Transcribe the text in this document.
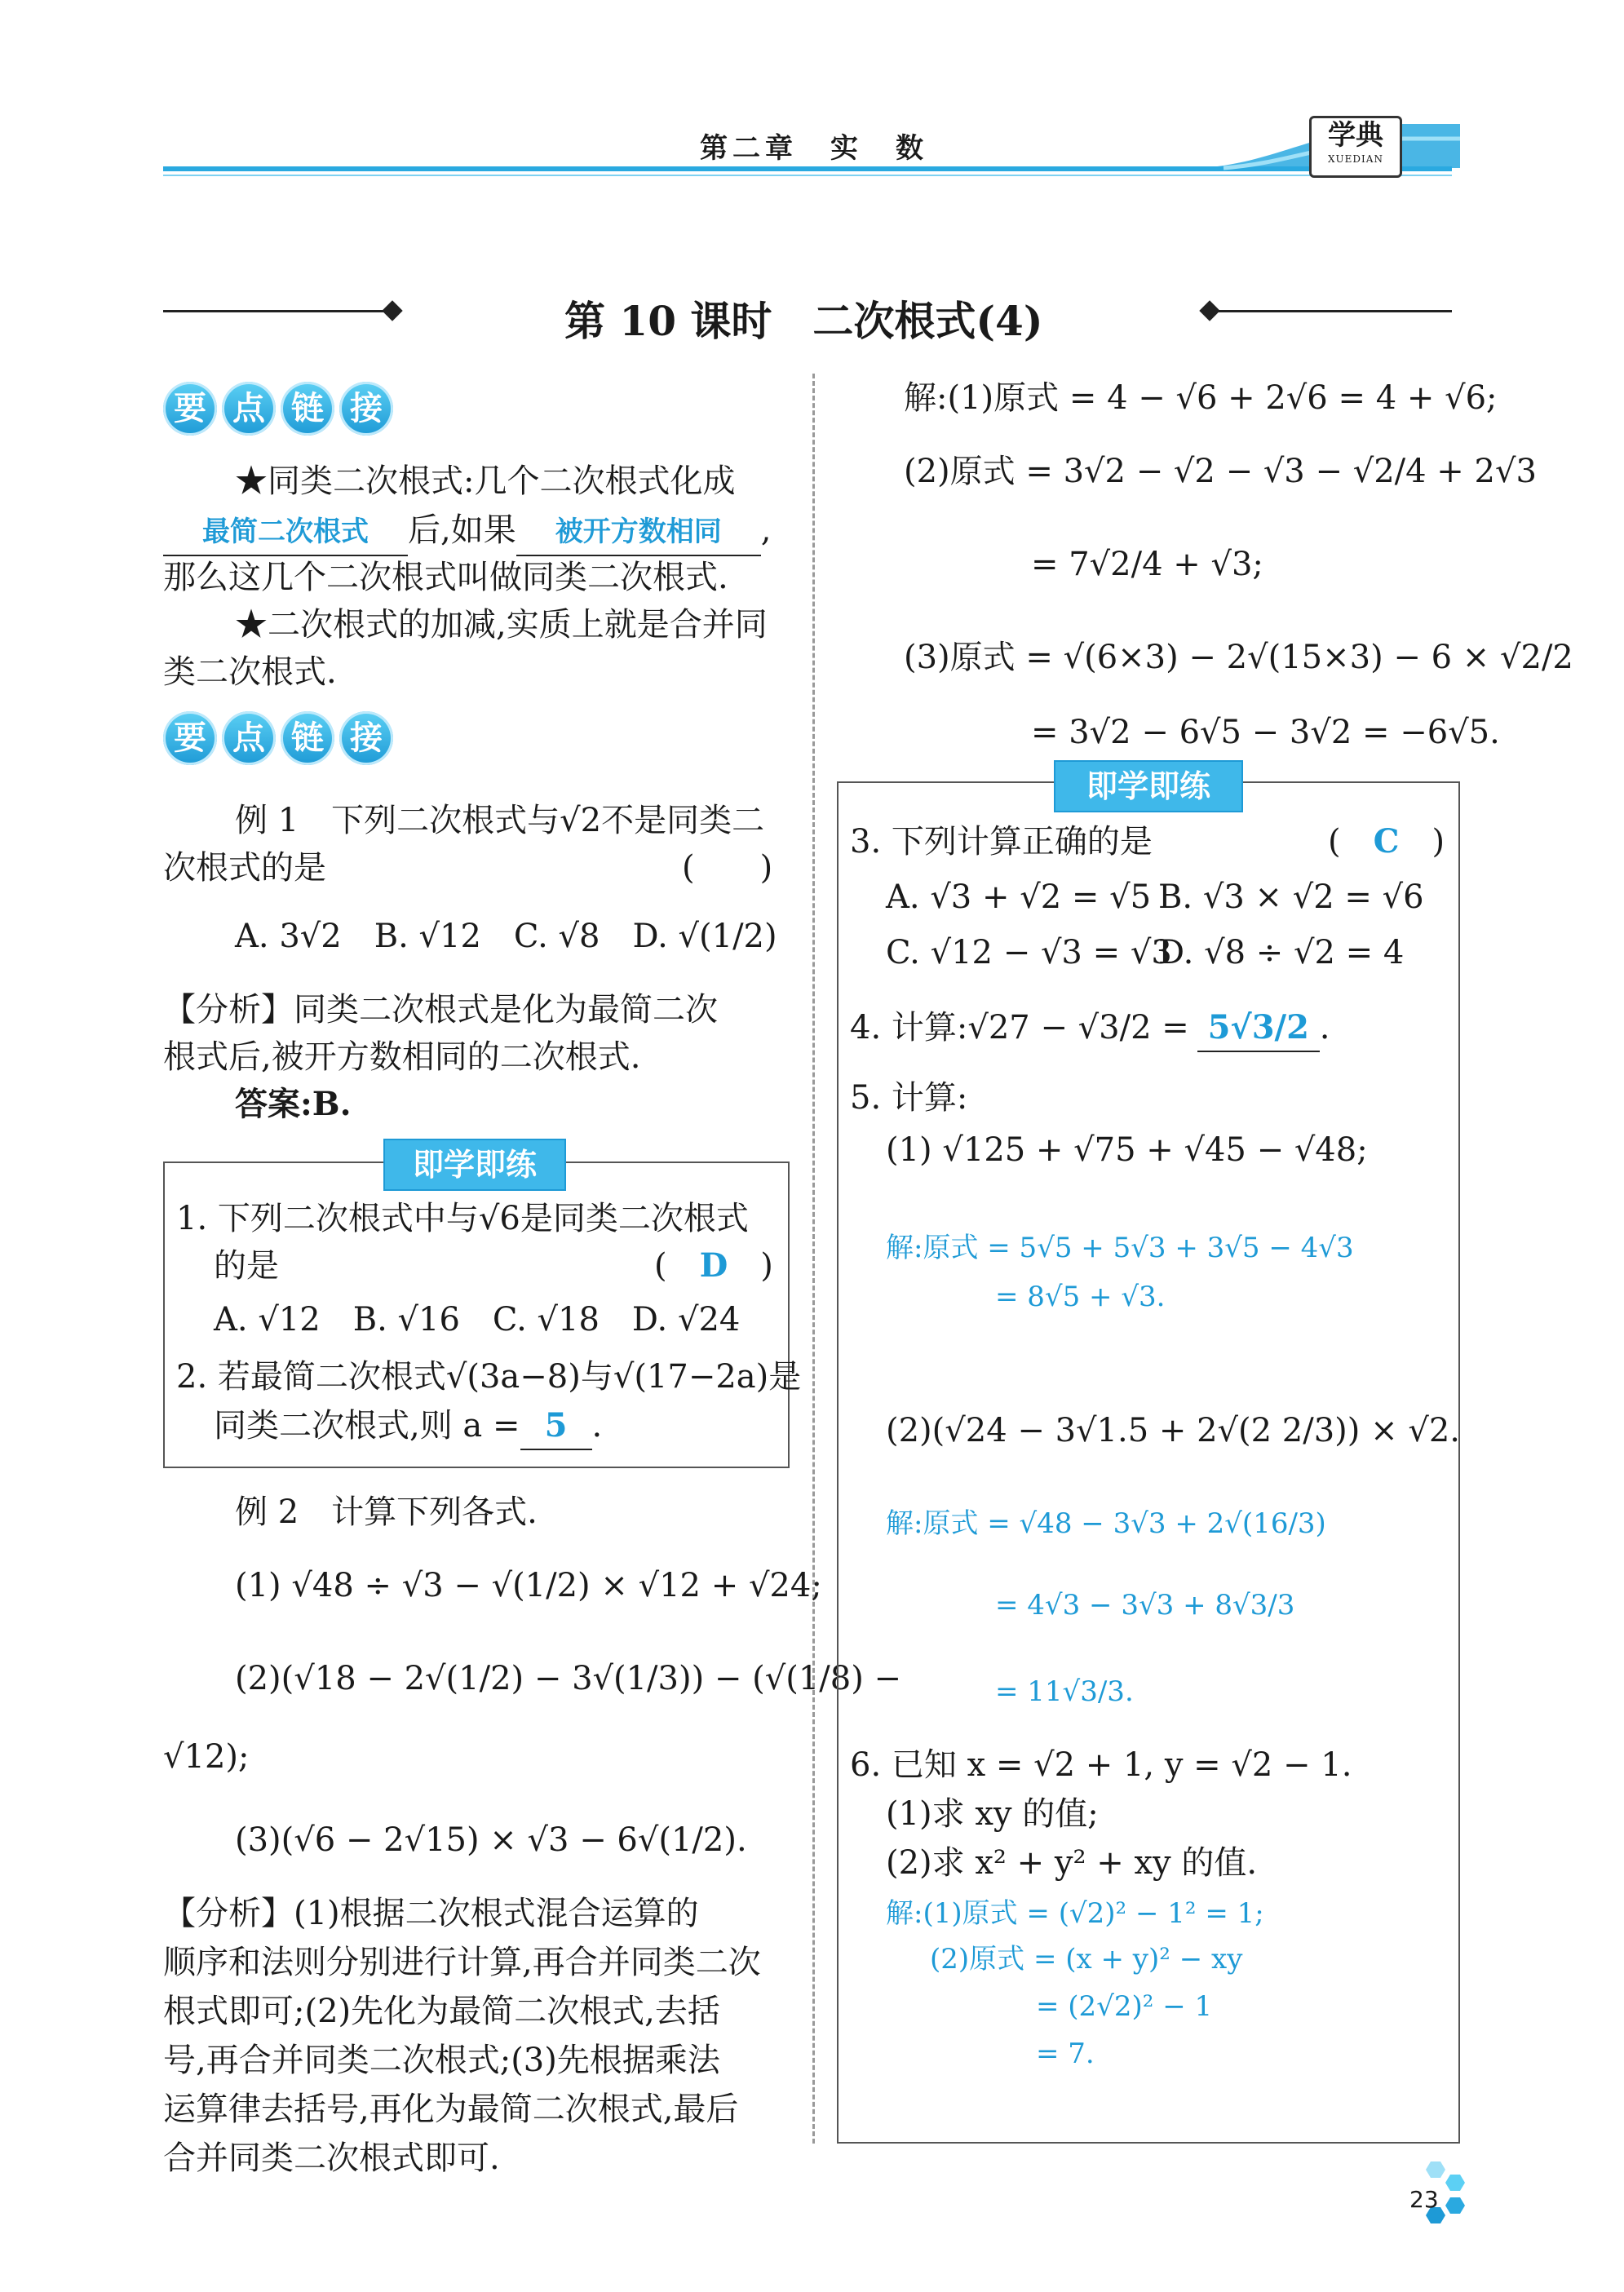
第二章　实　数	学典
XUEDIAN
第 10 课时　二次根式(4)
要 点 链 接
★同类二次根式:几个二次根式化成
最简二次根式 后,如果 被开方数相同 ,
那么这几个二次根式叫做同类二次根式.
★二次根式的加减,实质上就是合并同
类二次根式.
要 点 链 接
例 1　下列二次根式与√2不是同类二
次根式的是	(　　)
A. 3√2　B. √12　C. √8　D. √(1/2)
【分析】同类二次根式是化为最简二次
根式后,被开方数相同的二次根式.
答案:B.
即学即练
1. 下列二次根式中与√6是同类二次根式
的是	(　D　)
A. √12　B. √16　C. √18　D. √24
2. 若最简二次根式√(3a−8)与√(17−2a)是
同类二次根式,则 a = 5 .
例 2　计算下列各式.
(1) √48 ÷ √3 − √(1/2) × √12 + √24;
(2)(√18 − 2√(1/2) − 3√(1/3)) − (√(1/8) −
√12);
(3)(√6 − 2√15) × √3 − 6√(1/2).
【分析】(1)根据二次根式混合运算的
顺序和法则分别进行计算,再合并同类二次
根式即可;(2)先化为最简二次根式,去括
号,再合并同类二次根式;(3)先根据乘法
运算律去括号,再化为最简二次根式,最后
合并同类二次根式即可.
解:(1)原式 = 4 − √6 + 2√6 = 4 + √6;
(2)原式 = 3√2 − √2 − √3 − √2/4 + 2√3
= 7√2/4 + √3;
(3)原式 = √(6×3) − 2√(15×3) − 6 × √2/2
= 3√2 − 6√5 − 3√2 = −6√5.
即学即练
3. 下列计算正确的是	(　C　)
A. √3 + √2 = √5 B. √3 × √2 = √6
C. √12 − √3 = √3
D. √8 ÷ √2 = 4
4. 计算:√27 − √3/2 = 5√3/2 .
5. 计算:
(1) √125 + √75 + √45 − √48;
解:原式 = 5√5 + 5√3 + 3√5 − 4√3
= 8√5 + √3.
(2)(√24 − 3√1.5 + 2√(2 2/3)) × √2.
解:原式 = √48 − 3√3 + 2√(16/3)
= 4√3 − 3√3 + 8√3/3
= 11√3/3.
6. 已知 x = √2 + 1, y = √2 − 1.
(1)求 xy 的值;
(2)求 x² + y² + xy 的值.
解:(1)原式 = (√2)² − 1² = 1;
(2)原式 = (x + y)² − xy
= (2√2)² − 1
= 7.
23
